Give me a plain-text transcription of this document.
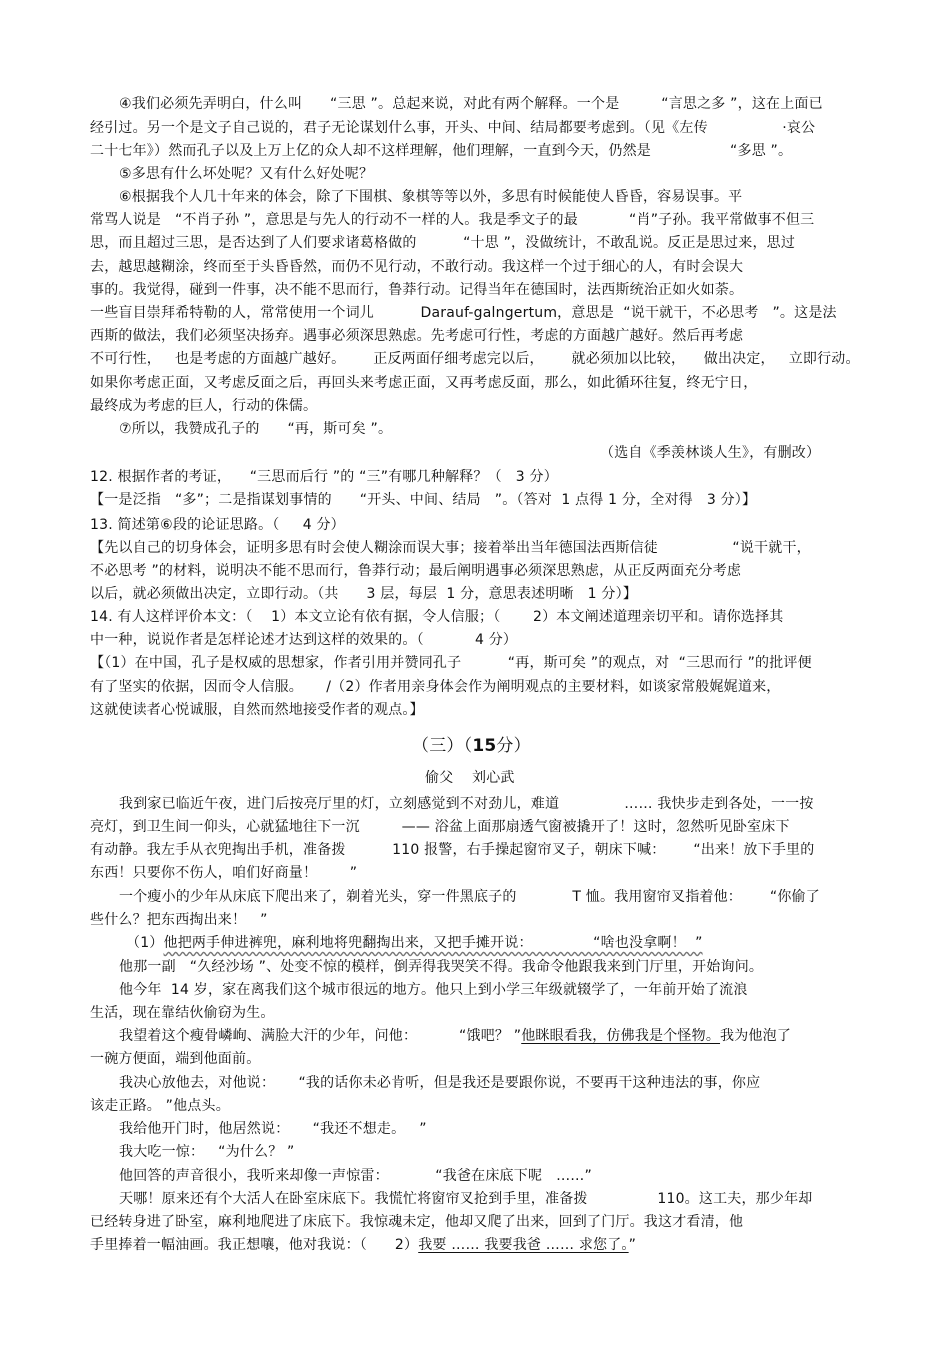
④我们必须先弄明白，什么叫      “三思 ”。总起来说，对此有两个解释。一个是         “言思之多 ”，这在上面已
经引过。另一个是文子自己说的，君子无论谋划什么事，开头、中间、结局都要考虑到。（见《左传                ·哀公
二十七年》）然而孔子以及上万上亿的众人却不这样理解，他们理解，一直到今天，仍然是                 “多思 ”。
⑤多思有什么坏处呢？又有什么好处呢？
⑥根据我个人几十年来的体会，除了下围棋、象棋等等以外，多思有时候能使人昏昏，容易误事。平
常骂人说是   “不肖子孙 ”，意思是与先人的行动不一样的人。我是季文子的最           “肖”子孙。我平常做事不但三
思，而且超过三思，是否达到了人们要求诸葛格做的          “十思 ”，没做统计，不敢乱说。反正是思过来，思过
去，越思越糊涂，终而至于头昏昏然，而仍不见行动，不敢行动。我这样一个过于细心的人，有时会误大
事的。我觉得，碰到一件事，决不能不思而行，鲁莽行动。记得当年在德国时，法西斯统治正如火如荼。
一些盲目崇拜希特勒的人，常常使用一个词儿          Darauf-galngertum，意思是  “说干就干，不必思考   ”。这是法
西斯的做法，我们必须坚决扬弃。遇事必须深思熟虑。先考虑可行性，考虑的方面越广越好。然后再考虑
不可行性，   也是考虑的方面越广越好。      正反两面仔细考虑完以后，      就必须加以比较，    做出决定，   立即行动。
如果你考虑正面，又考虑反面之后，再回头来考虑正面，又再考虑反面，那么，如此循环往复，终无宁日，
最终成为考虑的巨人，行动的侏儒。
⑦所以，我赞成孔子的      “再，斯可矣 ”。
（选自《季羡林谈人生》，有删改）
12. 根据作者的考证，    “三思而后行 ”的 “三”有哪几种解释？（   3 分）
【一是泛指   “多”；二是指谋划事情的      “开头、中间、结局   ”。（答对  1 点得 1 分，全对得   3 分）】
13. 简述第⑥段的论证思路。（     4 分）
【先以自己的切身体会，证明多思有时会使人糊涂而误大事；接着举出当年德国法西斯信徒                “说干就干，
不必思考 ”的材料，说明决不能不思而行，鲁莽行动；最后阐明遇事必须深思熟虑，从正反两面充分考虑
以后，就必须做出决定，立即行动。（共      3 层，每层  1 分，意思表述明晰   1 分）】
14. 有人这样评价本文：（    1）本文立论有依有据，令人信服；（       2）本文阐述道理亲切平和。请你选择其
中一种，说说作者是怎样论述才达到这样的效果的。（           4 分）
【（1）在中国，孔子是权威的思想家，作者引用并赞同孔子          “再，斯可矣 ”的观点，对  “三思而行 ”的批评便
有了坚实的依据，因而令人信服。     /（2）作者用亲身体会作为阐明观点的主要材料，如谈家常般娓娓道来，
这就使读者心悦诚服，自然而然地接受作者的观点。】
（三）（15分）
偷父    刘心武
我到家已临近午夜，进门后按亮厅里的灯，立刻感觉到不对劲儿，难道              …… 我快步走到各处，一一按
亮灯，到卫生间一仰头，心就猛地往下一沉         —— 浴盆上面那扇透气窗被撬开了！这时，忽然听见卧室床下
有动静。我左手从衣兜掏出手机，准备拨          110 报警，右手操起窗帘叉子，朝床下喊：      “出来！放下手里的
东西！只要你不伤人，咱们好商量！       ”
一个瘦小的少年从床底下爬出来了，剃着光头，穿一件黑底子的            T 恤。我用窗帘叉指着他：      “你偷了
些什么？把东西掏出来！   ”
（1）他把两手伸进裤兜，麻利地将兜翻掏出来，又把手摊开说：             “啥也没拿啊！  ”
他那一副   “久经沙场 ”、处变不惊的模样，倒弄得我哭笑不得。我命令他跟我来到门厅里，开始询问。
他今年  14 岁，家在离我们这个城市很远的地方。他只上到小学三年级就辍学了，一年前开始了流浪
生活，现在靠结伙偷窃为生。
我望着这个瘦骨嶙峋、满脸大汗的少年，问他：         “饿吧？ ”他眯眼看我，仿佛我是个怪物。我为他泡了
一碗方便面，端到他面前。
我决心放他去，对他说：     “我的话你未必肯听，但是我还是要跟你说，不要再干这种违法的事，你应
该走正路。 ”他点头。
我给他开门时，他居然说：     “我还不想走。   ”
我大吃一惊：   “为什么？ ”
他回答的声音很小，我听来却像一声惊雷：          “我爸在床底下呢   ……”
天哪！原来还有个大活人在卧室床底下。我慌忙将窗帘叉抢到手里，准备拨               110。这工夫，那少年却
已经转身进了卧室，麻利地爬进了床底下。我惊魂未定，他却又爬了出来，回到了门厅。我这才看清，他
手里捧着一幅油画。我正想嚷，他对我说：（      2）我要 …… 我要我爸 …… 求您了。”
